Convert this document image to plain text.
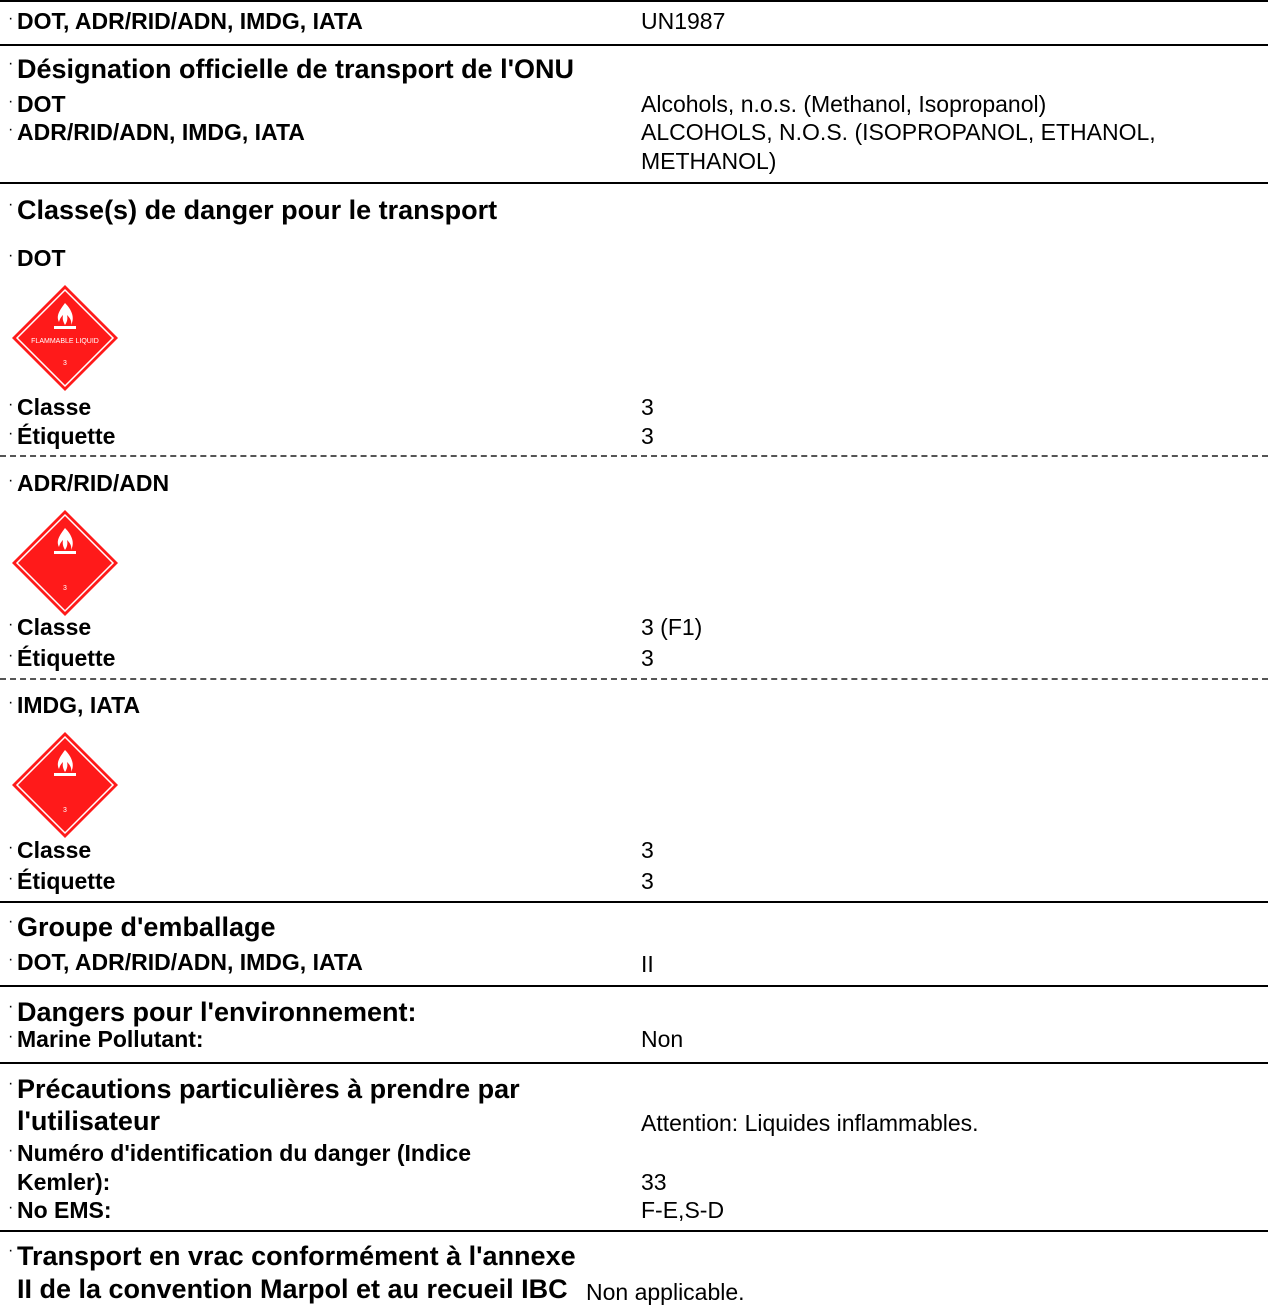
· DOT, ADR/RID/ADN, IMDG, IATA	UN1987
· Désignation officielle de transport de l'ONU
· DOT	Alcohols, n.o.s. (Methanol, Isopropanol)
· ADR/RID/ADN, IMDG, IATA	ALCOHOLS, N.O.S. (ISOPROPANOL, ETHANOL,
METHANOL)
· Classe(s) de danger pour le transport
· DOT
FLAMMABLE LIQUID
3
· Classe	3
· Étiquette	3
· ADR/RID/ADN
3
· Classe	3 (F1)
· Étiquette	3
· IMDG, IATA
3
· Classe	3
· Étiquette	3
· Groupe d'emballage
· DOT, ADR/RID/ADN, IMDG, IATA	II
· Dangers pour l'environnement:
· Marine Pollutant:	Non
· Précautions particulières à prendre par
l'utilisateur	Attention: Liquides inflammables.
· Numéro d'identification du danger (Indice
Kemler):	33
· No EMS:	F-E,S-D
· Transport en vrac conformément à l'annexe
II de la convention Marpol et au recueil IBC Non applicable.
